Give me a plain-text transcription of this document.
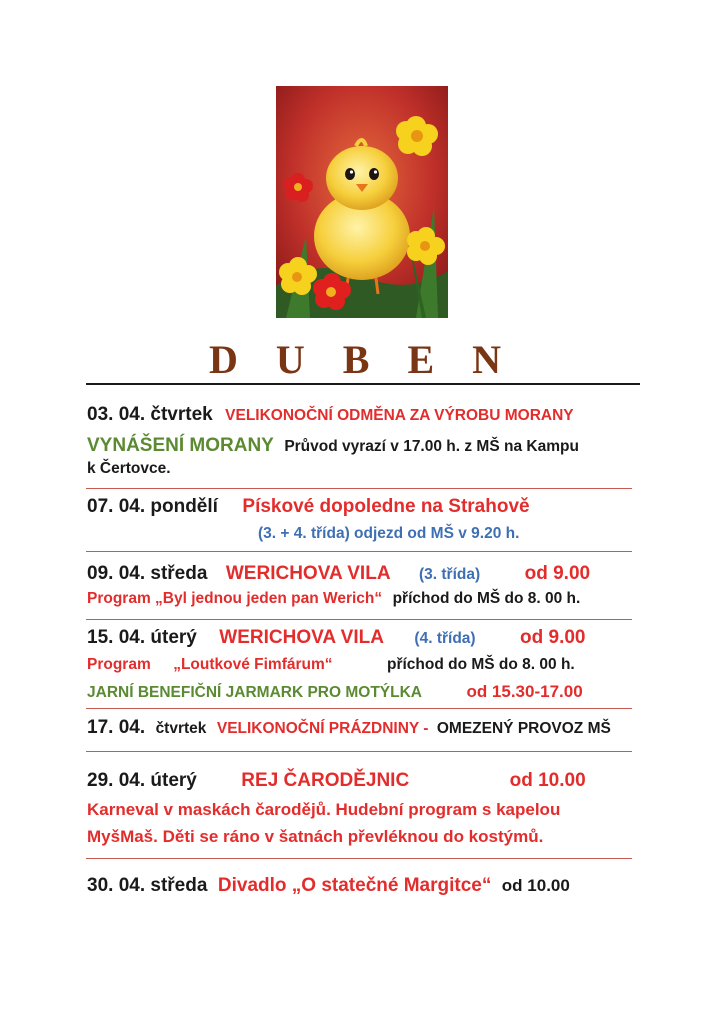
D U B E N
03. 04. čtvrtek VELIKONOČNÍ ODMĚNA ZA VÝROBU MORANY
VYNÁŠENÍ MORANY Průvod vyrazí v 17.00 h. z MŠ na Kampu
k Čertovce.
07. 04. pondělí Pískové dopoledne na Strahově
(3. + 4. třída) odjezd od MŠ v 9.20 h.
09. 04. středa WERICHOVA VILA (3. třída) od 9.00
Program „Byl jednou jeden pan Werich“ příchod do MŠ do 8. 00 h.
15. 04. úterý WERICHOVA VILA (4. třída) od 9.00
Program „Loutkové Fimfárum“	příchod do MŠ do 8. 00 h.
JARNÍ BENEFIČNÍ JARMARK PRO MOTÝLKA	od 15.30-17.00
17. 04. čtvrtek VELIKONOČNÍ PRÁZDNINY - OMEZENÝ PROVOZ MŠ
29. 04. úterý REJ ČARODĚJNIC	od 10.00
Karneval v maskách čarodějů. Hudební program s kapelou
MyšMaš. Děti se ráno v šatnách převléknou do kostýmů.
30. 04. středa Divadlo „O statečné Margitce“ od 10.00
